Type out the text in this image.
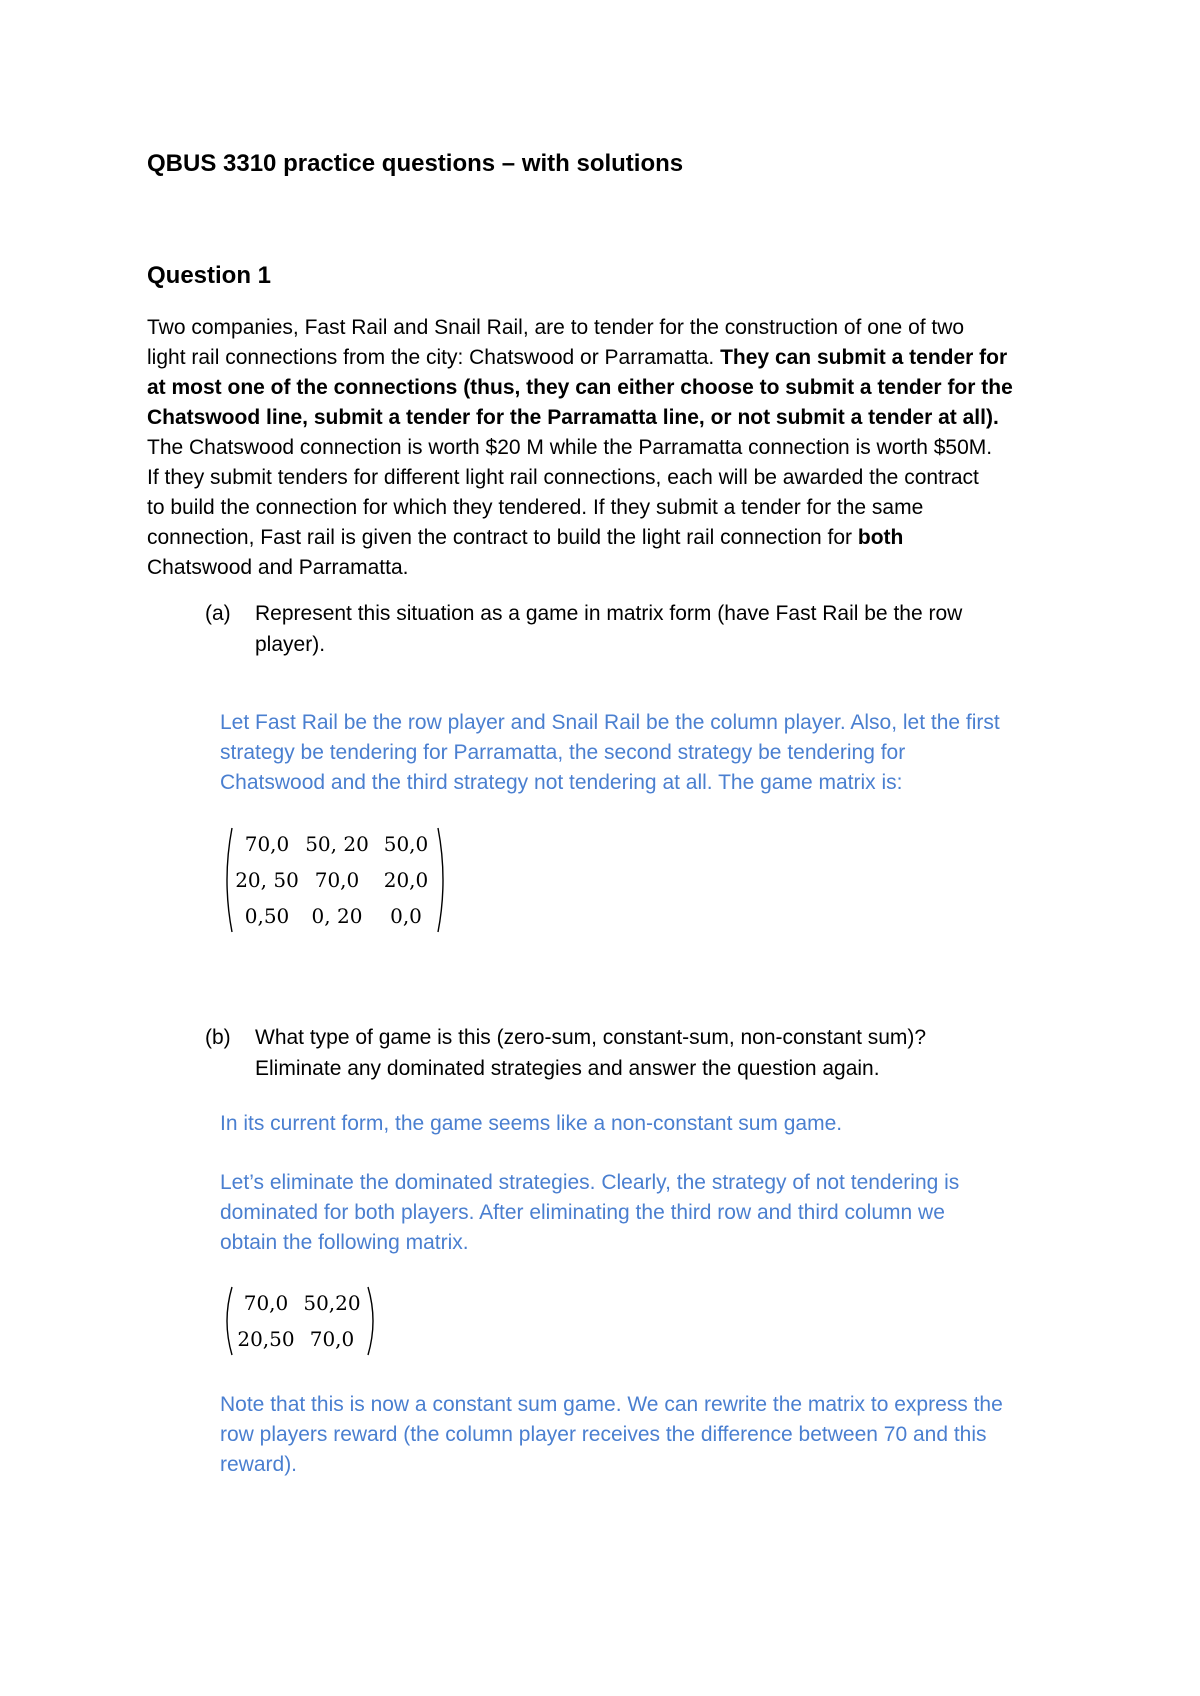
QBUS 3310 practice questions – with solutions
Question 1

Two companies, Fast Rail and Snail Rail, are to tender for the construction of one of two
light rail connections from the city: Chatswood or Parramatta. They can submit a tender for
at most one of the connections (thus, they can either choose to submit a tender for the
Chatswood line, submit a tender for the Parramatta line, or not submit a tender at all).
The Chatswood connection is worth $20 M while the Parramatta connection is worth $50M.
If they submit tenders for different light rail connections, each will be awarded the contract
to build the connection for which they tendered. If they submit a tender for the same
connection, Fast rail is given the contract to build the light rail connection for both
Chatswood and Parramatta.

(a)	Represent this situation as a game in matrix form (have Fast Rail be the row
player).

Let Fast Rail be the row player and Snail Rail be the column player. Also, let the first
strategy be tendering for Parramatta, the second strategy be tendering for
Chatswood and the third strategy not tendering at all. The game matrix is:

70,0	50, 20	50,0
20, 50	70,0	20,0
0,50	0, 20	0,0
(b)	What type of game is this (zero-sum, constant-sum, non-constant sum)?
Eliminate any dominated strategies and answer the question again.

In its current form, the game seems like a non-constant sum game.

Let’s eliminate the dominated strategies. Clearly, the strategy of not tendering is
dominated for both players. After eliminating the third row and third column we
obtain the following matrix.

70,0	50,20
20,50	70,0

Note that this is now a constant sum game. We can rewrite the matrix to express the
row players reward (the column player receives the difference between 70 and this
reward).
